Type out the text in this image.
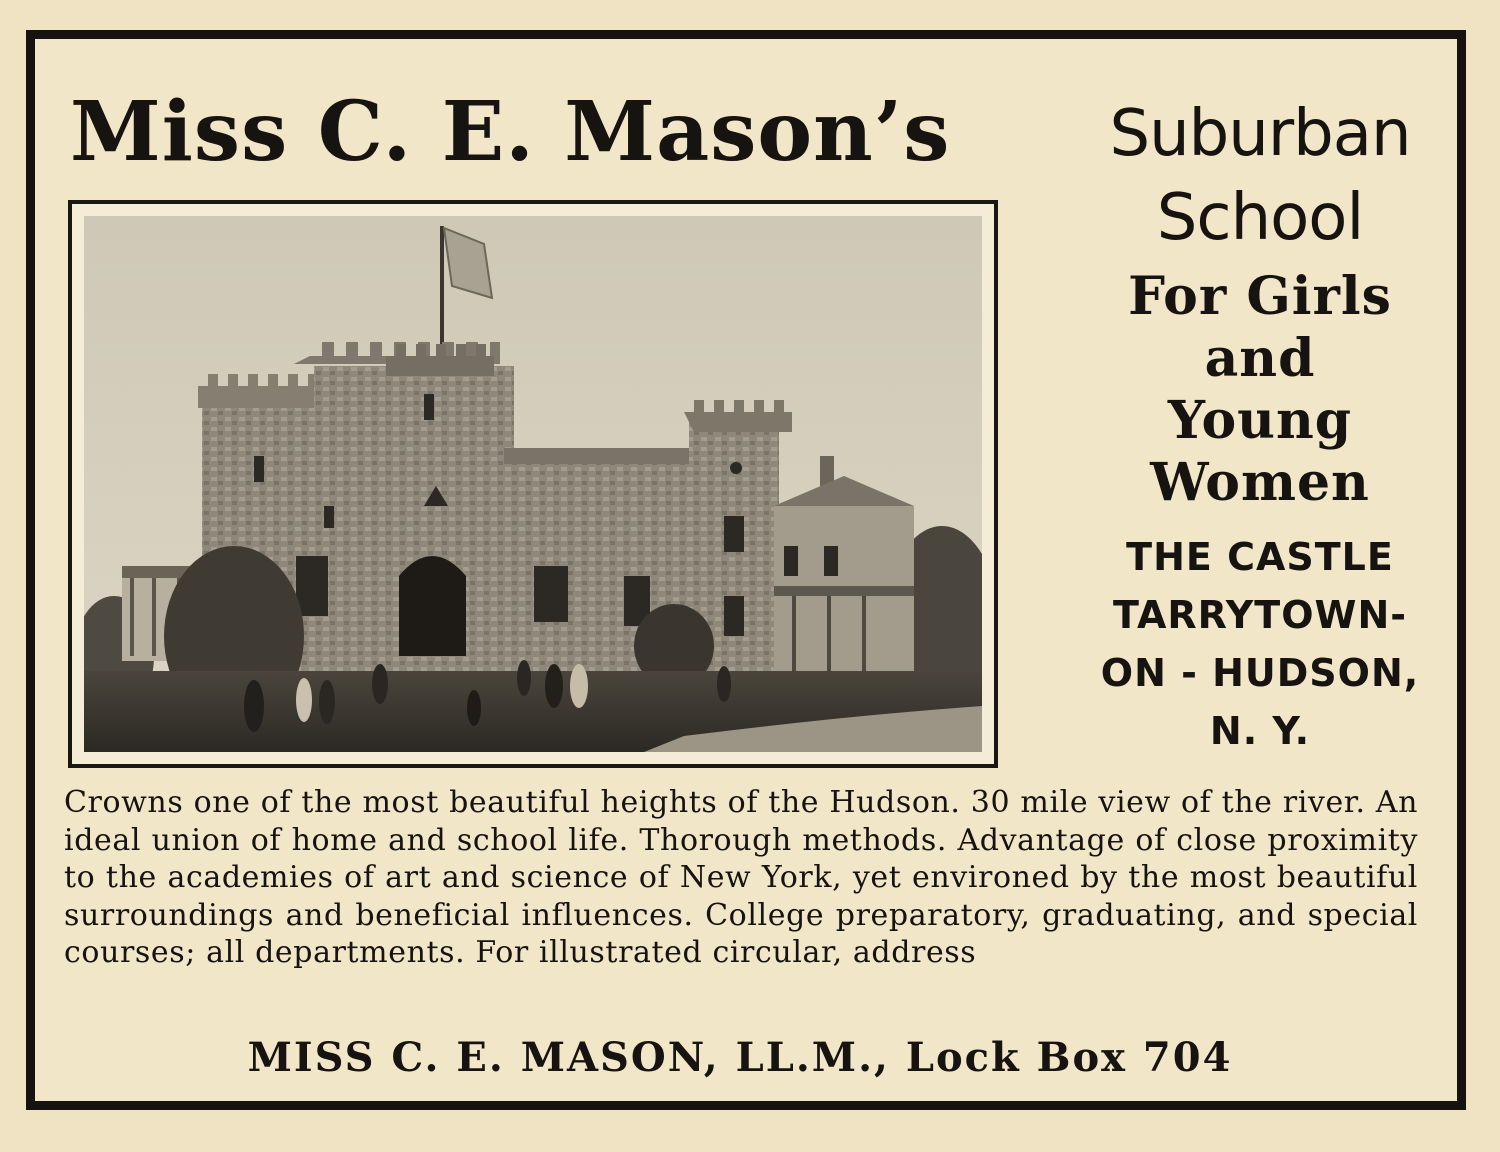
Miss C. E. Mason’s	Suburban
School
For Girls
and
Young
Women
THE CASTLE
TARRYTOWN-
ON - HUDSON,
N. Y.

Crowns one of the most beautiful heights of the Hudson. 30 mile view of the river. An ideal union of home and school life. Thorough methods. Advantage of close proximity to the academies of art and science of New York, yet environed by the most beautiful surroundings and beneficial influences. College preparatory, graduating, and special courses; all departments. For illustrated circular, address

MISS C. E. MASON, LL.M., Lock Box 704
